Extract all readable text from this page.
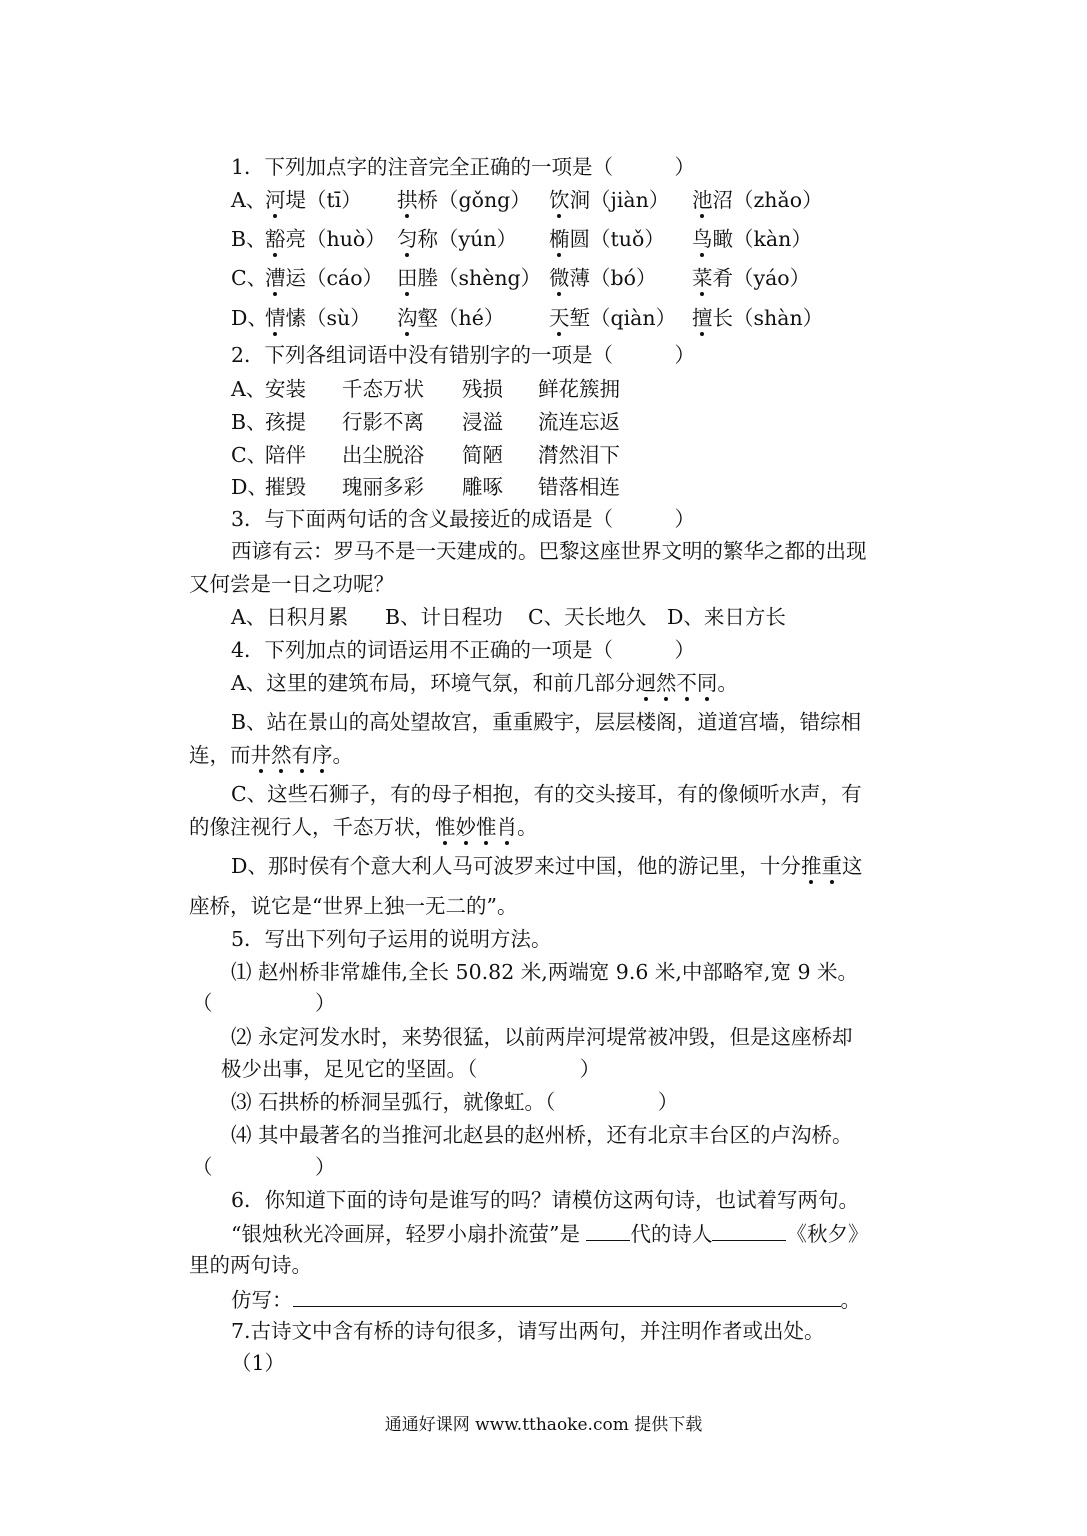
1．下列加点字的注音完全正确的一项是（　　　）
A、
河堤（tī） 拱桥（gǒng） 饮涧（jiàn） 池沼（zhǎo）
B、
豁亮（huò） 匀称（yún） 椭圆（tuǒ） 鸟瞰（kàn）
C、
漕运（cáo） 田塍（shèng） 微薄（bó） 菜肴（yáo）
D、
情愫（sù） 沟壑（hé） 天堑（qiàn） 擅长（shàn）
2．下列各组词语中没有错别字的一项是（　　　）
A、
安装 千态万状 残损 鲜花簇拥
B、
孩提 行影不离 浸溢 流连忘返
C、
陪伴 出尘脱浴 简陋 潸然泪下
D、
摧毁 瑰丽多彩 雕啄 错落相连
3．与下面两句话的含义最接近的成语是（　　　）
西谚有云：罗马不是一天建成的。巴黎这座世界文明的繁华之都的出现
又何尝是一日之功呢？
A、日积月累 B、计日程功 C、天长地久 D、来日方长
4．下列加点的词语运用不正确的一项是（　　　）
A、这里的建筑布局，环境气氛，和前几部分迥然不同。
B、站在景山的高处望故宫，重重殿宇，层层楼阁，道道宫墙，错综相
连，而井然有序。
C、这些石狮子，有的母子相抱，有的交头接耳，有的像倾听水声，有
的像注视行人，千态万状，惟妙惟肖。
D、那时侯有个意大利人马可波罗来过中国，他的游记里，十分推重这
座桥，说它是“世界上独一无二的”。
5．写出下列句子运用的说明方法。
⑴ 赵州桥非常雄伟,全长 50.82 米,两端宽 9.6 米,中部略窄,宽 9 米。
（　　　　　）
⑵ 永定河发水时，来势很猛，以前两岸河堤常被冲毁，但是这座桥却
极少出事，足见它的坚固。（　　　　　）
⑶ 石拱桥的桥洞呈弧行，就像虹。（　　　　　）
⑷ 其中最著名的当推河北赵县的赵州桥，还有北京丰台区的卢沟桥。
（　　　　　）
6．你知道下面的诗句是谁写的吗？请模仿这两句诗，也试着写两句。
“银烛秋光冷画屏，轻罗小扇扑流萤”是 代的诗人	《秋夕》
里的两句诗。
仿写：	。
7.古诗文中含有桥的诗句很多，请写出两句，并注明作者或出处。
（1）
通通好课网 www.tthaoke.com 提供下载
